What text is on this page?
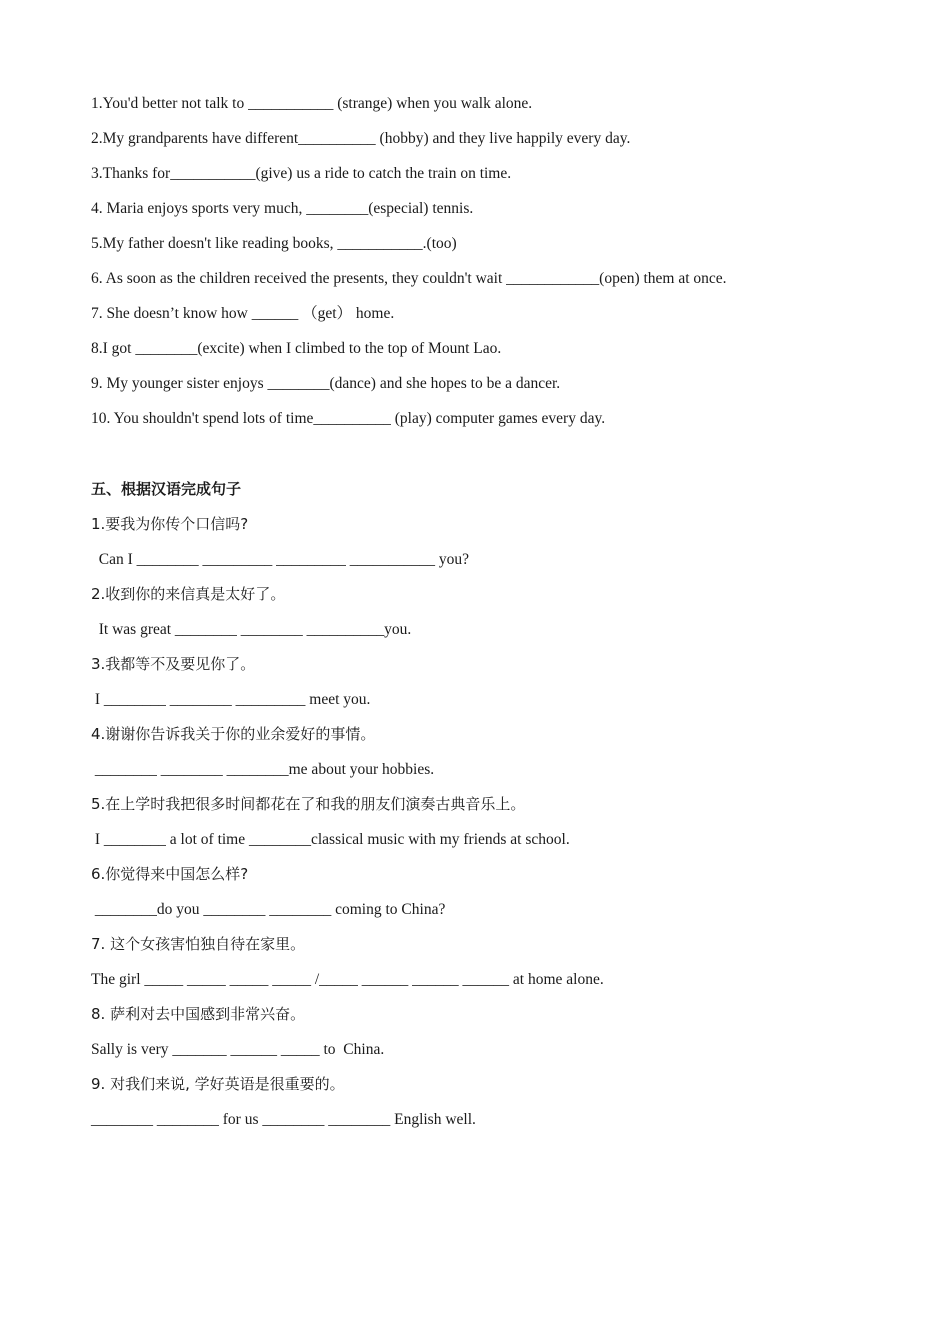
1.You'd better not talk to ___________ (strange) when you walk alone.
2.My grandparents have different__________ (hobby) and they live happily every day.
3.Thanks for___________(give) us a ride to catch the train on time.
4. Maria enjoys sports very much, ________(especial) tennis.
5.My father doesn't like reading books, ___________.(too)
6. As soon as the children received the presents, they couldn't wait ____________(open) them at once.
7. She doesn’t know how ______ （get） home.
8.I got ________(excite) when I climbed to the top of Mount Lao.
9. My younger sister enjoys ________(dance) and she hopes to be a dancer.
10. You shouldn't spend lots of time__________ (play) computer games every day.
五、根据汉语完成句子
1.要我为你传个口信吗?
Can I ________ _________ _________ ___________ you?
2.收到你的来信真是太好了。
It was great ________ ________ __________you.
3.我都等不及要见你了。
I ________ ________ _________ meet you.
4.谢谢你告诉我关于你的业余爱好的事情。
________ ________ ________me about your hobbies.
5.在上学时我把很多时间都花在了和我的朋友们演奏古典音乐上。
I ________ a lot of time ________classical music with my friends at school.
6.你觉得来中国怎么样?
________do you ________ ________ coming to China?
7. 这个女孩害怕独自待在家里。
The girl _____ _____ _____ _____ /_____ ______ ______ ______ at home alone.
8. 萨利对去中国感到非常兴奋。
Sally is very _______ ______ _____ to  China.
9. 对我们来说, 学好英语是很重要的。
________ ________ for us ________ ________ English well.
